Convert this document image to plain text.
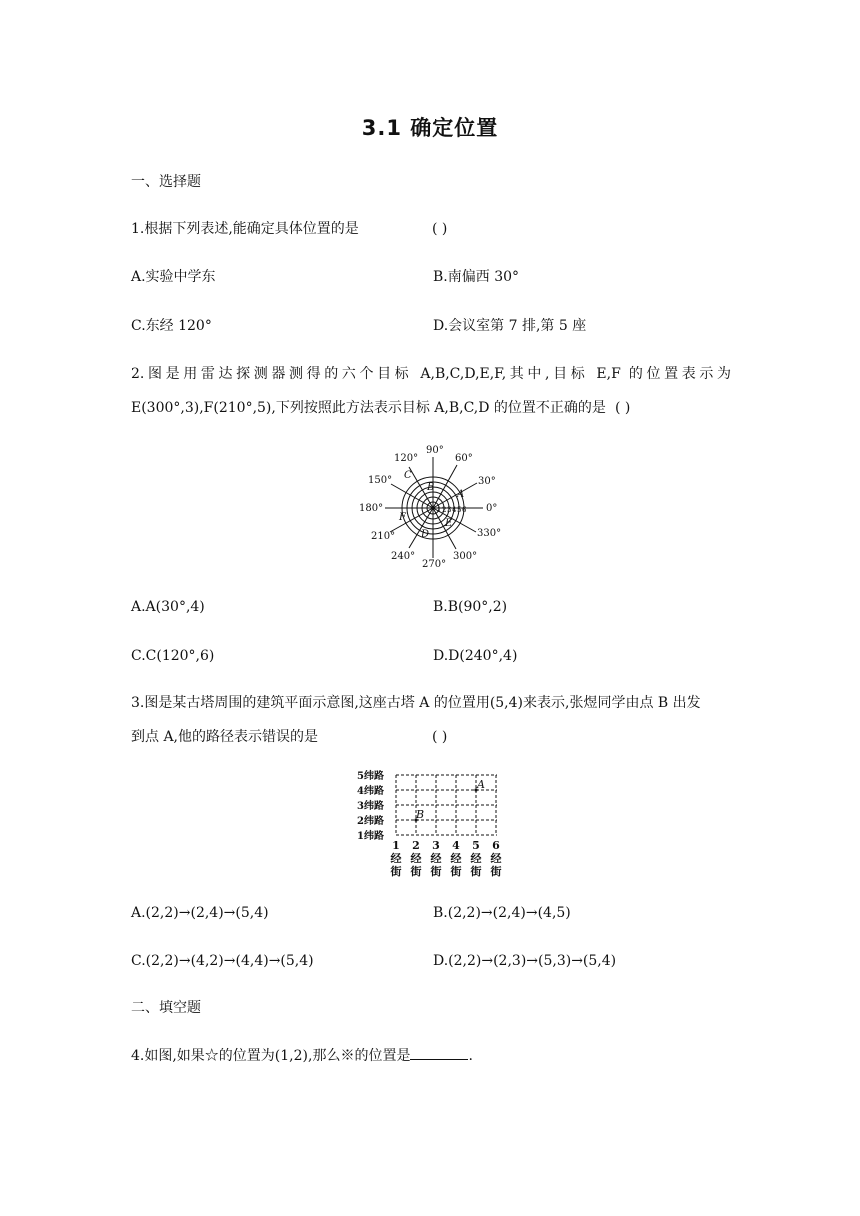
3.1 确定位置
一、选择题
1.根据下列表述,能确定具体位置的是	( )
A.实验中学东	B.南偏西 30°
C.东经 120°	D.会议室第 7 排,第 5 座
2.图是用雷达探测器测得的六个目标 A,B,C,D,E,F,其中,目标 E,F 的位置表示为
E(300°,3),F(210°,5),下列按照此方法表示目标 A,B,C,D 的位置不正确的是 ( )
90°
60°
30°
0°
330°
300°
270°
240°
210°
180°
150°
120°
A
B
C
D
E
F
1 2 3 4 5 6
A.A(30°,4)	B.B(90°,2)
C.C(120°,6)	D.D(240°,4)
3.图是某古塔周围的建筑平面示意图,这座古塔 A 的位置用(5,4)来表示,张煜同学由点 B 出发
到点 A,他的路径表示错误的是	( )
5纬路
4纬路
3纬路
2纬路
1纬路
1 2 3 4 5 6
经 经 经 经 经 经
街 街 街 街 街 街
A
B
A.(2,2)→(2,4)→(5,4)	B.(2,2)→(2,4)→(4,5)
C.(2,2)→(4,2)→(4,4)→(5,4)	D.(2,2)→(2,3)→(5,3)→(5,4)
二、填空题
4.如图,如果☆的位置为(1,2),那么※的位置是	.
